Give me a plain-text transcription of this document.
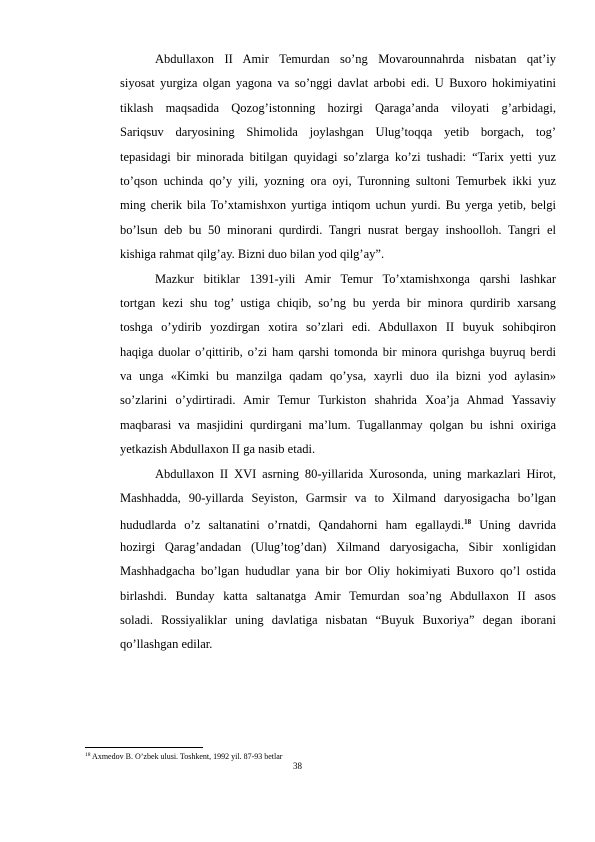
Abdullaxon II Amir Temurdan so’ng Movarounnahrda nisbatan qat’iy
siyosat yurgiza olgan yagona va so’nggi davlat arbobi edi. U Buxoro hokimiyatini
tiklash maqsadida Qozog’istonning hozirgi Qaraga’anda viloyati g’arbidagi,
Sariqsuv daryosining Shimolida joylashgan Ulug’toqqa yetib borgach, tog’
tepasidagi bir minorada bitilgan quyidagi so’zlarga ko’zi tushadi: “Tarix yetti yuz
to’qson uchinda qo’y yili, yozning ora oyi, Turonning sultoni Temurbek ikki yuz
ming cherik bila To’xtamishxon yurtiga intiqom uchun yurdi. Bu yerga yetib, belgi
bo’lsun deb bu 50 minorani qurdirdi. Tangri nusrat bergay inshoolloh. Tangri el
kishiga rahmat qilg’ay. Bizni duo bilan yod qilg’ay”.
Mazkur bitiklar 1391-yili Amir Temur To’xtamishxonga qarshi lashkar
tortgan kezi shu tog’ ustiga chiqib, so’ng bu yerda bir minora qurdirib xarsang
toshga o’ydirib yozdirgan xotira so’zlari edi. Abdullaxon II buyuk sohibqiron
haqiga duolar o’qittirib, o’zi ham qarshi tomonda bir minora qurishga buyruq berdi
va unga «Kimki bu manzilga qadam qo’ysa, xayrli duo ila bizni yod aylasin»
so’zlarini o’ydirtiradi. Amir Temur Turkiston shahrida Xoa’ja Ahmad Yassaviy
maqbarasi va masjidini qurdirgani ma’lum. Tugallanmay qolgan bu ishni oxiriga
yetkazish Abdullaxon II ga nasib etadi.
Abdullaxon II XVI asrning 80-yillarida Xurosonda, uning markazlari Hirot,
Mashhadda, 90-yillarda Seyiston, Garmsir va to Xilmand daryosigacha bo’lgan
hududlarda o’z saltanatini o’rnatdi, Qandahorni ham egallaydi.$^{18}$ Uning davrida
hozirgi Qarag’andadan (Ulug’tog’dan) Xilmand daryosigacha, Sibir xonligidan
Mashhadgacha bo’lgan hududlar yana bir bor Oliy hokimiyati Buxoro qo’l ostida
birlashdi. Bunday katta saltanatga Amir Temurdan soa’ng Abdullaxon II asos
soladi. Rossiyaliklar uning davlatiga nisbatan “Buyuk Buxoriya” degan iborani
qo’llashgan edilar.
$^{18}$ Axmedov B. O’zbek ulusi. Toshkent, 1992 yil. 87-93 betlar
38
